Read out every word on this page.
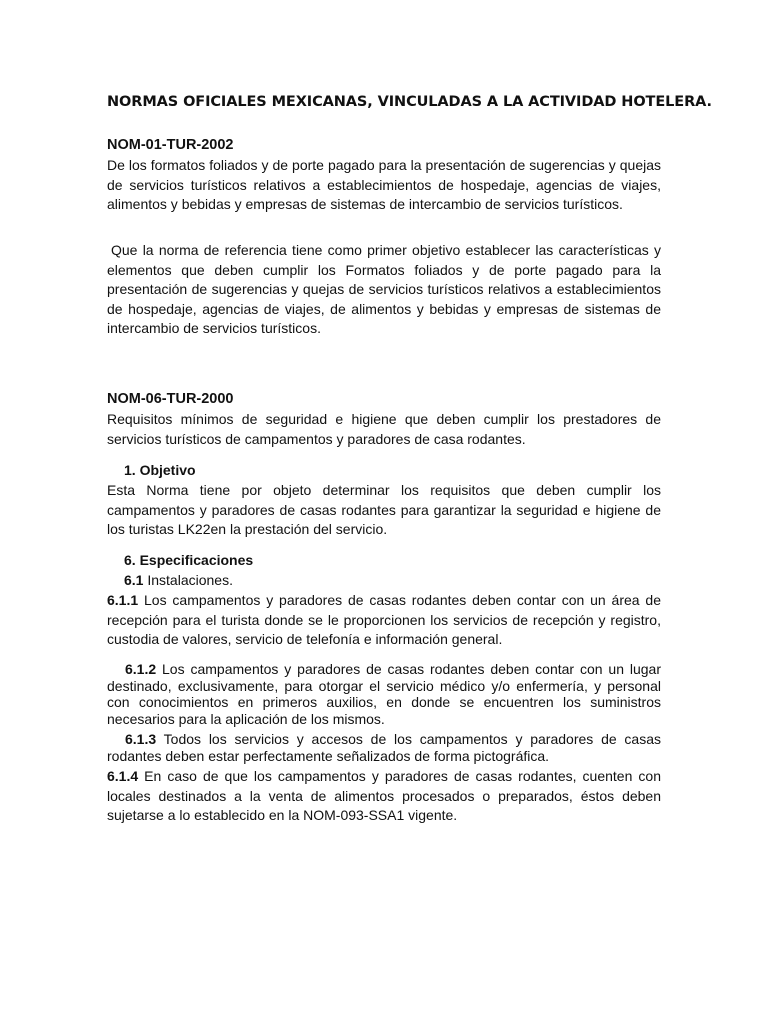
NORMAS OFICIALES MEXICANAS, VINCULADAS A LA ACTIVIDAD HOTELERA.
NOM-01-TUR-2002
De los formatos foliados y de porte pagado para la presentación de sugerencias y quejas de servicios turísticos relativos a establecimientos de hospedaje, agencias de viajes, alimentos y bebidas y empresas de sistemas de intercambio de servicios turísticos.
Que la norma de referencia tiene como primer objetivo establecer las características y elementos que deben cumplir los Formatos foliados y de porte pagado para la presentación de sugerencias y quejas de servicios turísticos relativos a establecimientos de hospedaje, agencias de viajes, de alimentos y bebidas y empresas de sistemas de intercambio de servicios turísticos.
NOM-06-TUR-2000
Requisitos mínimos de seguridad e higiene que deben cumplir los prestadores de servicios turísticos de campamentos y paradores de casa rodantes.
1. Objetivo
Esta Norma tiene por objeto determinar los requisitos que deben cumplir los campamentos y paradores de casas rodantes para garantizar la seguridad e higiene de los turistas LK22en la prestación del servicio.
6. Especificaciones
6.1 Instalaciones.
6.1.1 Los campamentos y paradores de casas rodantes deben contar con un área de recepción para el turista donde se le proporcionen los servicios de recepción y registro, custodia de valores, servicio de telefonía e información general.
6.1.2 Los campamentos y paradores de casas rodantes deben contar con un lugar destinado, exclusivamente, para otorgar el servicio médico y/o enfermería, y personal con conocimientos en primeros auxilios, en donde se encuentren los suministros necesarios para la aplicación de los mismos.
6.1.3 Todos los servicios y accesos de los campamentos y paradores de casas rodantes deben estar perfectamente señalizados de forma pictográfica.
6.1.4 En caso de que los campamentos y paradores de casas rodantes, cuenten con locales destinados a la venta de alimentos procesados o preparados, éstos deben sujetarse a lo establecido en la NOM-093-SSA1 vigente.
